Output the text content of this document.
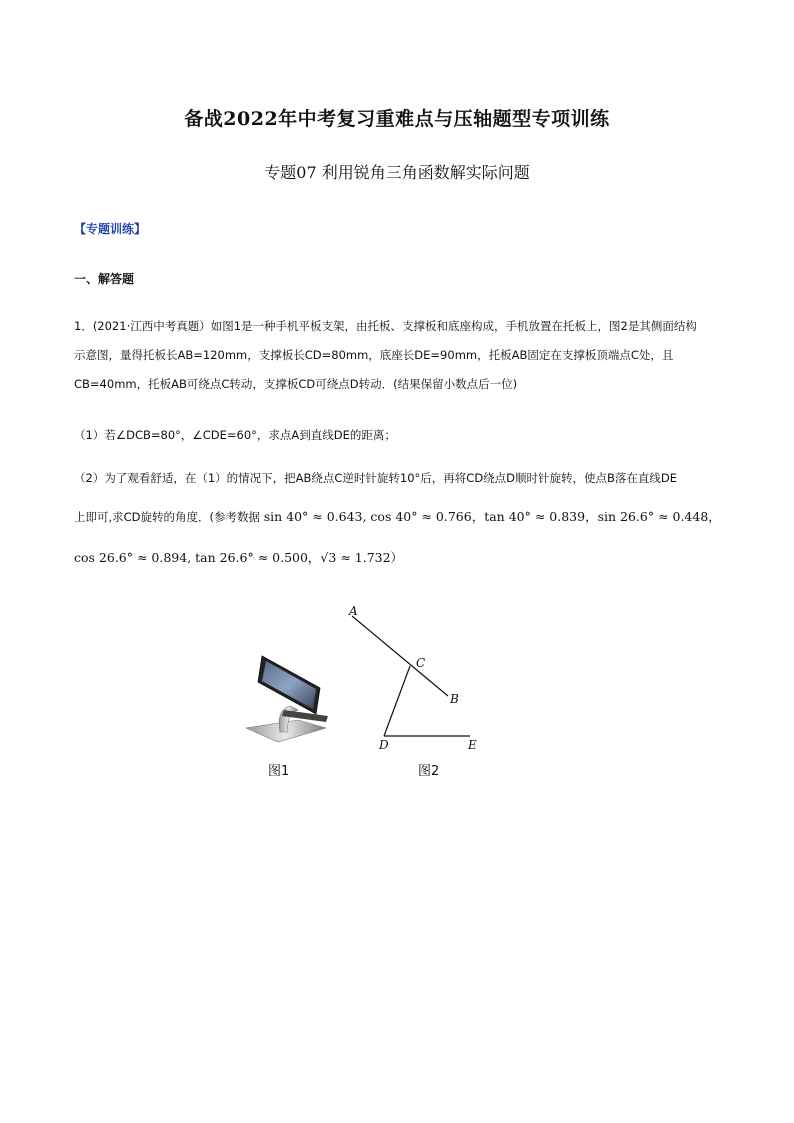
备战2022年中考复习重难点与压轴题型专项训练
专题07 利用锐角三角函数解实际问题
【专题训练】
一、解答题
1．(2021·江西中考真题）如图1是一种手机平板支架，由托板、支撑板和底座构成，手机放置在托板上，图2是其侧面结构
示意图，量得托板长AB=120mm，支撑板长CD=80mm，底座长DE=90mm，托板AB固定在支撑板顶端点C处，且
CB=40mm，托板AB可绕点C转动，支撑板CD可绕点D转动．(结果保留小数点后一位)
（1）若∠DCB=80°，∠CDE=60°，求点A到直线DE的距离；
（2）为了观看舒适，在（1）的情况下，把AB绕点C逆时针旋转10°后，再将CD绕点D顺时针旋转，使点B落在直线DE
上即可,求CD旋转的角度．(参考数据 sin 40° ≈ 0.643, cos 40° ≈ 0.766，tan 40° ≈ 0.839，sin 26.6° ≈ 0.448，
cos 26.6° ≈ 0.894, tan 26.6° ≈ 0.500，√3 ≈ 1.732）
图1
A
C
B
D	E
图2
